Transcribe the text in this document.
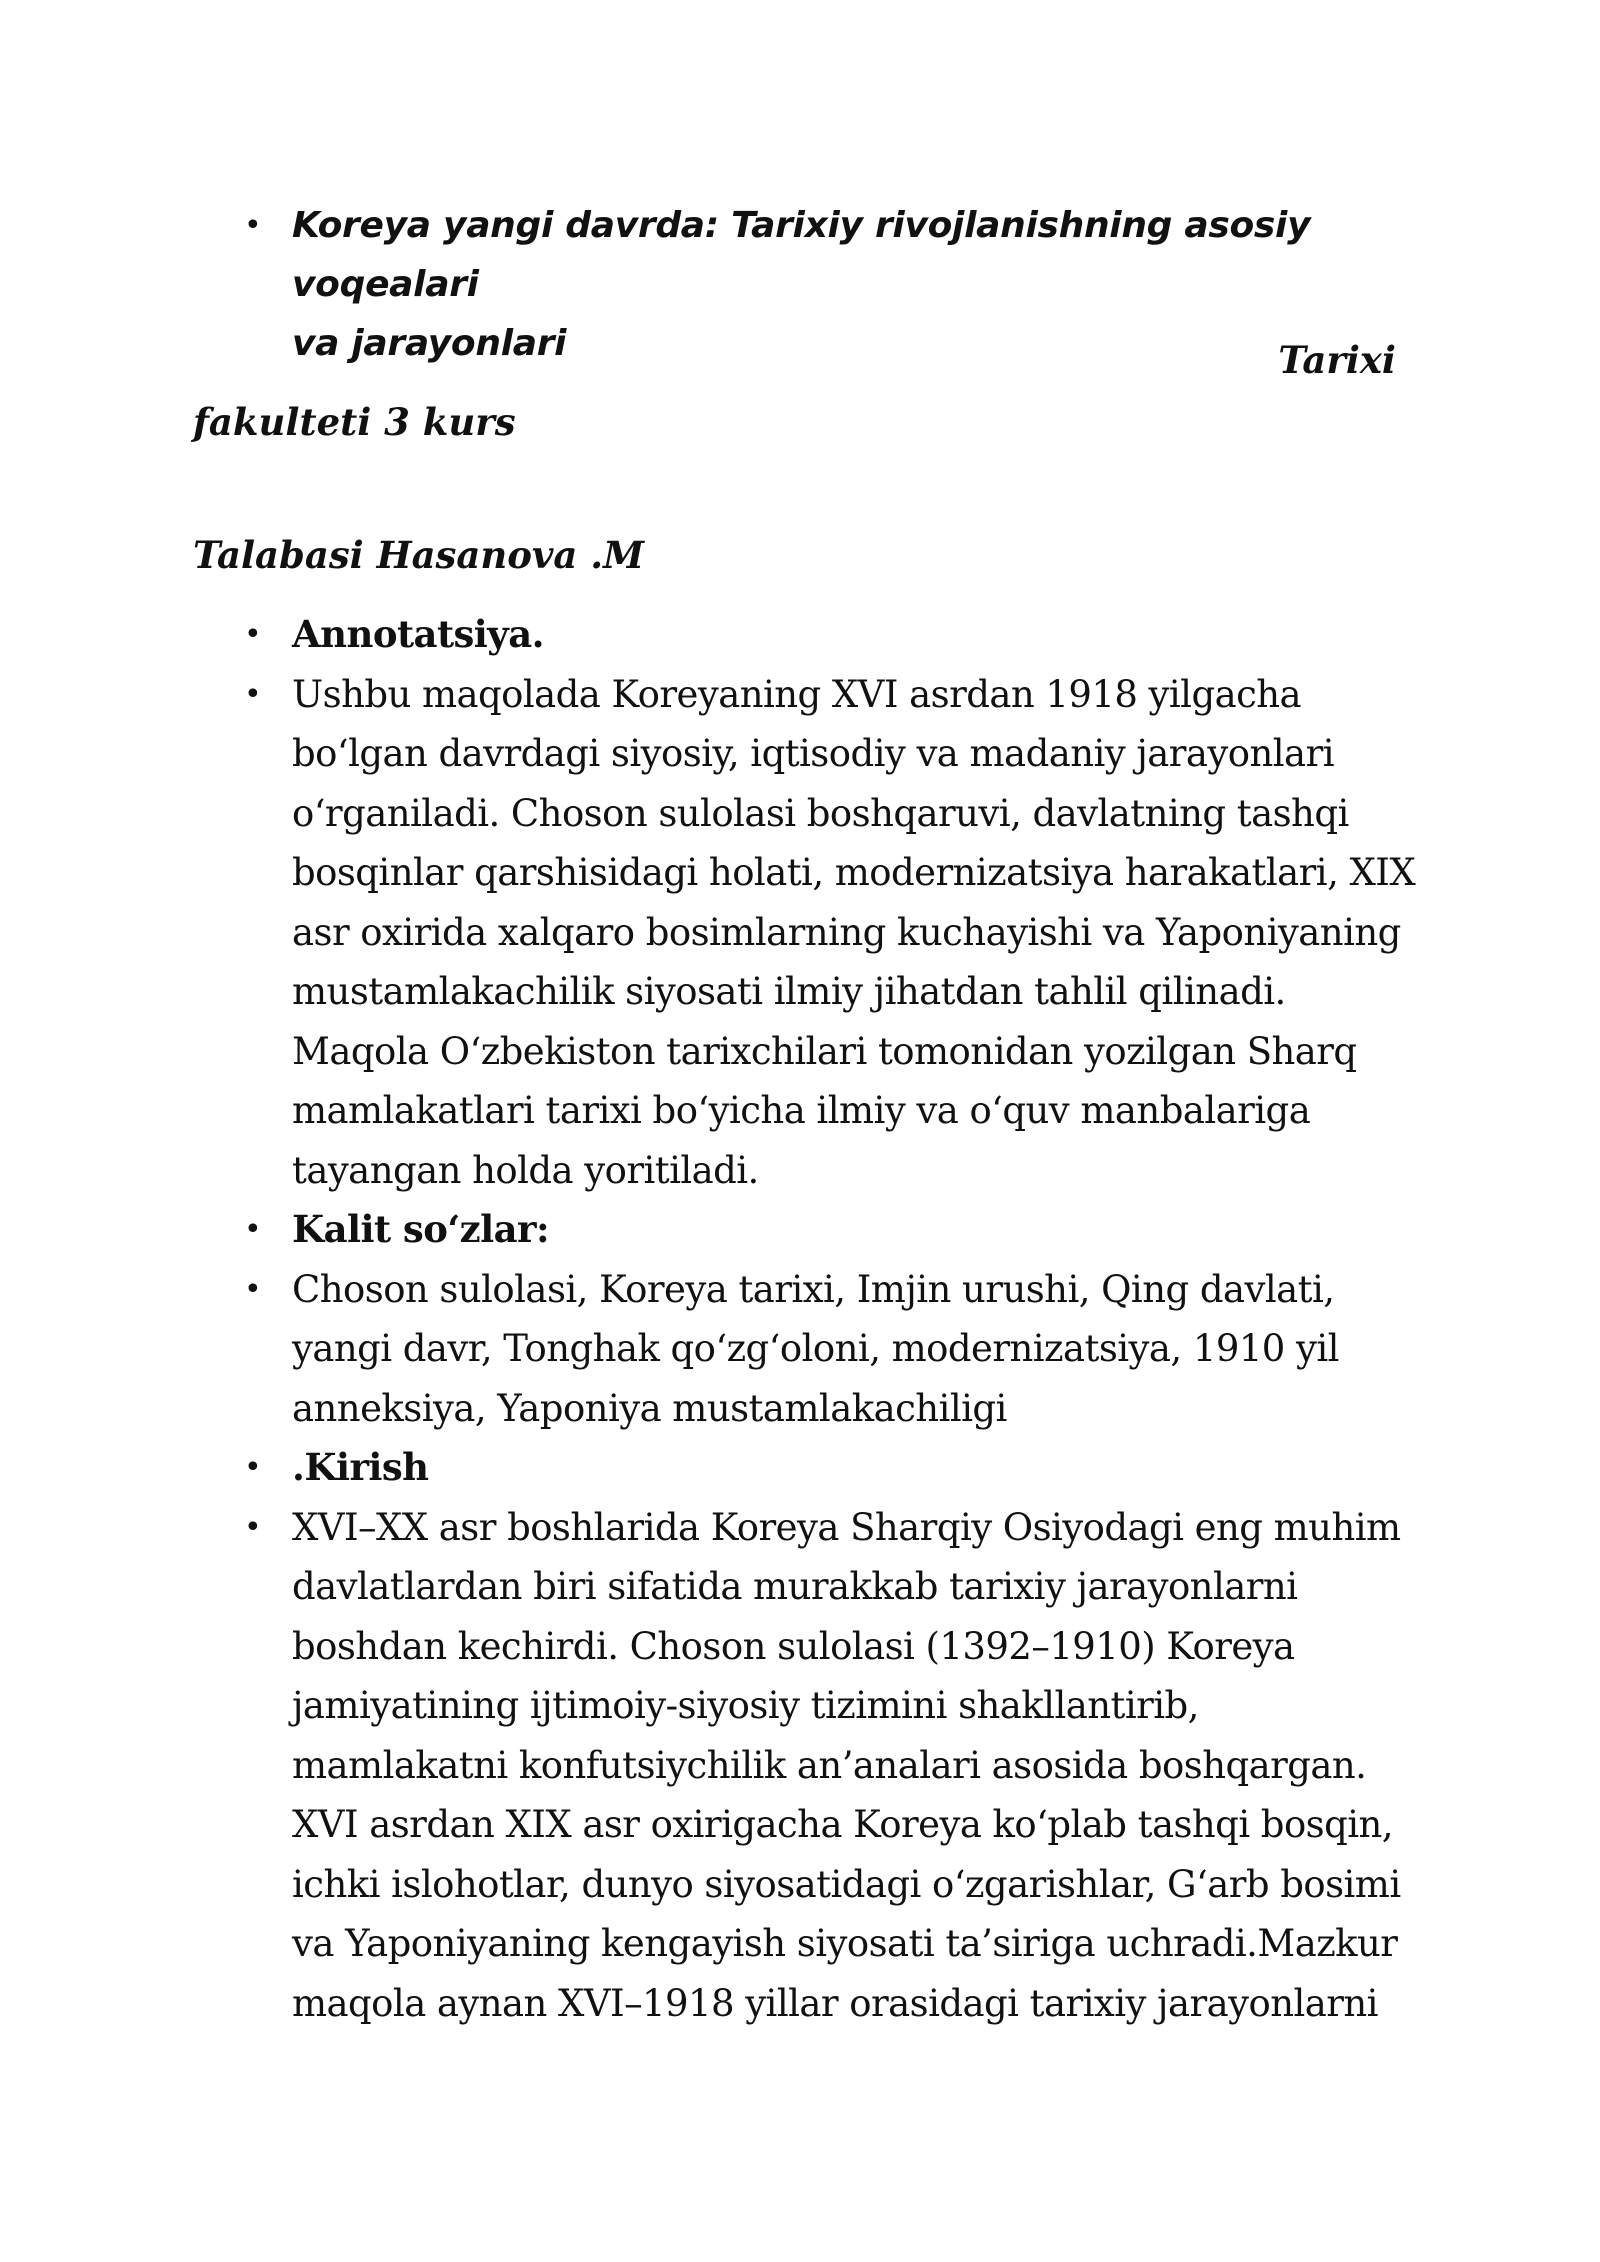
• Koreya yangi davrda: Tarixiy rivojlanishning asosiy voqealari
va jarayonlari	Tarixi
fakulteti 3 kurs
Talabasi Hasanova .M
• Annotatsiya.
• Ushbu maqolada Koreyaning XVI asrdan 1918 yilgacha
bo‘lgan davrdagi siyosiy, iqtisodiy va madaniy jarayonlari
o‘rganiladi. Choson sulolasi boshqaruvi, davlatning tashqi
bosqinlar qarshisidagi holati, modernizatsiya harakatlari, XIX
asr oxirida xalqaro bosimlarning kuchayishi va Yaponiyaning
mustamlakachilik siyosati ilmiy jihatdan tahlil qilinadi.
Maqola O‘zbekiston tarixchilari tomonidan yozilgan Sharq
mamlakatlari tarixi bo‘yicha ilmiy va o‘quv manbalariga
tayangan holda yoritiladi.
• Kalit so‘zlar:
• Choson sulolasi, Koreya tarixi, Imjin urushi, Qing davlati,
yangi davr, Tonghak qo‘zg‘oloni, modernizatsiya, 1910 yil
anneksiya, Yaponiya mustamlakachiligi
• .Kirish
• XVI–XX asr boshlarida Koreya Sharqiy Osiyodagi eng muhim
davlatlardan biri sifatida murakkab tarixiy jarayonlarni
boshdan kechirdi. Choson sulolasi (1392–1910) Koreya
jamiyatining ijtimoiy-siyosiy tizimini shakllantirib,
mamlakatni konfutsiychilik an’analari asosida boshqargan.
XVI asrdan XIX asr oxirigacha Koreya ko‘plab tashqi bosqin,
ichki islohotlar, dunyo siyosatidagi o‘zgarishlar, G‘arb bosimi
va Yaponiyaning kengayish siyosati ta’siriga uchradi.Mazkur
maqola aynan XVI–1918 yillar orasidagi tarixiy jarayonlarni
